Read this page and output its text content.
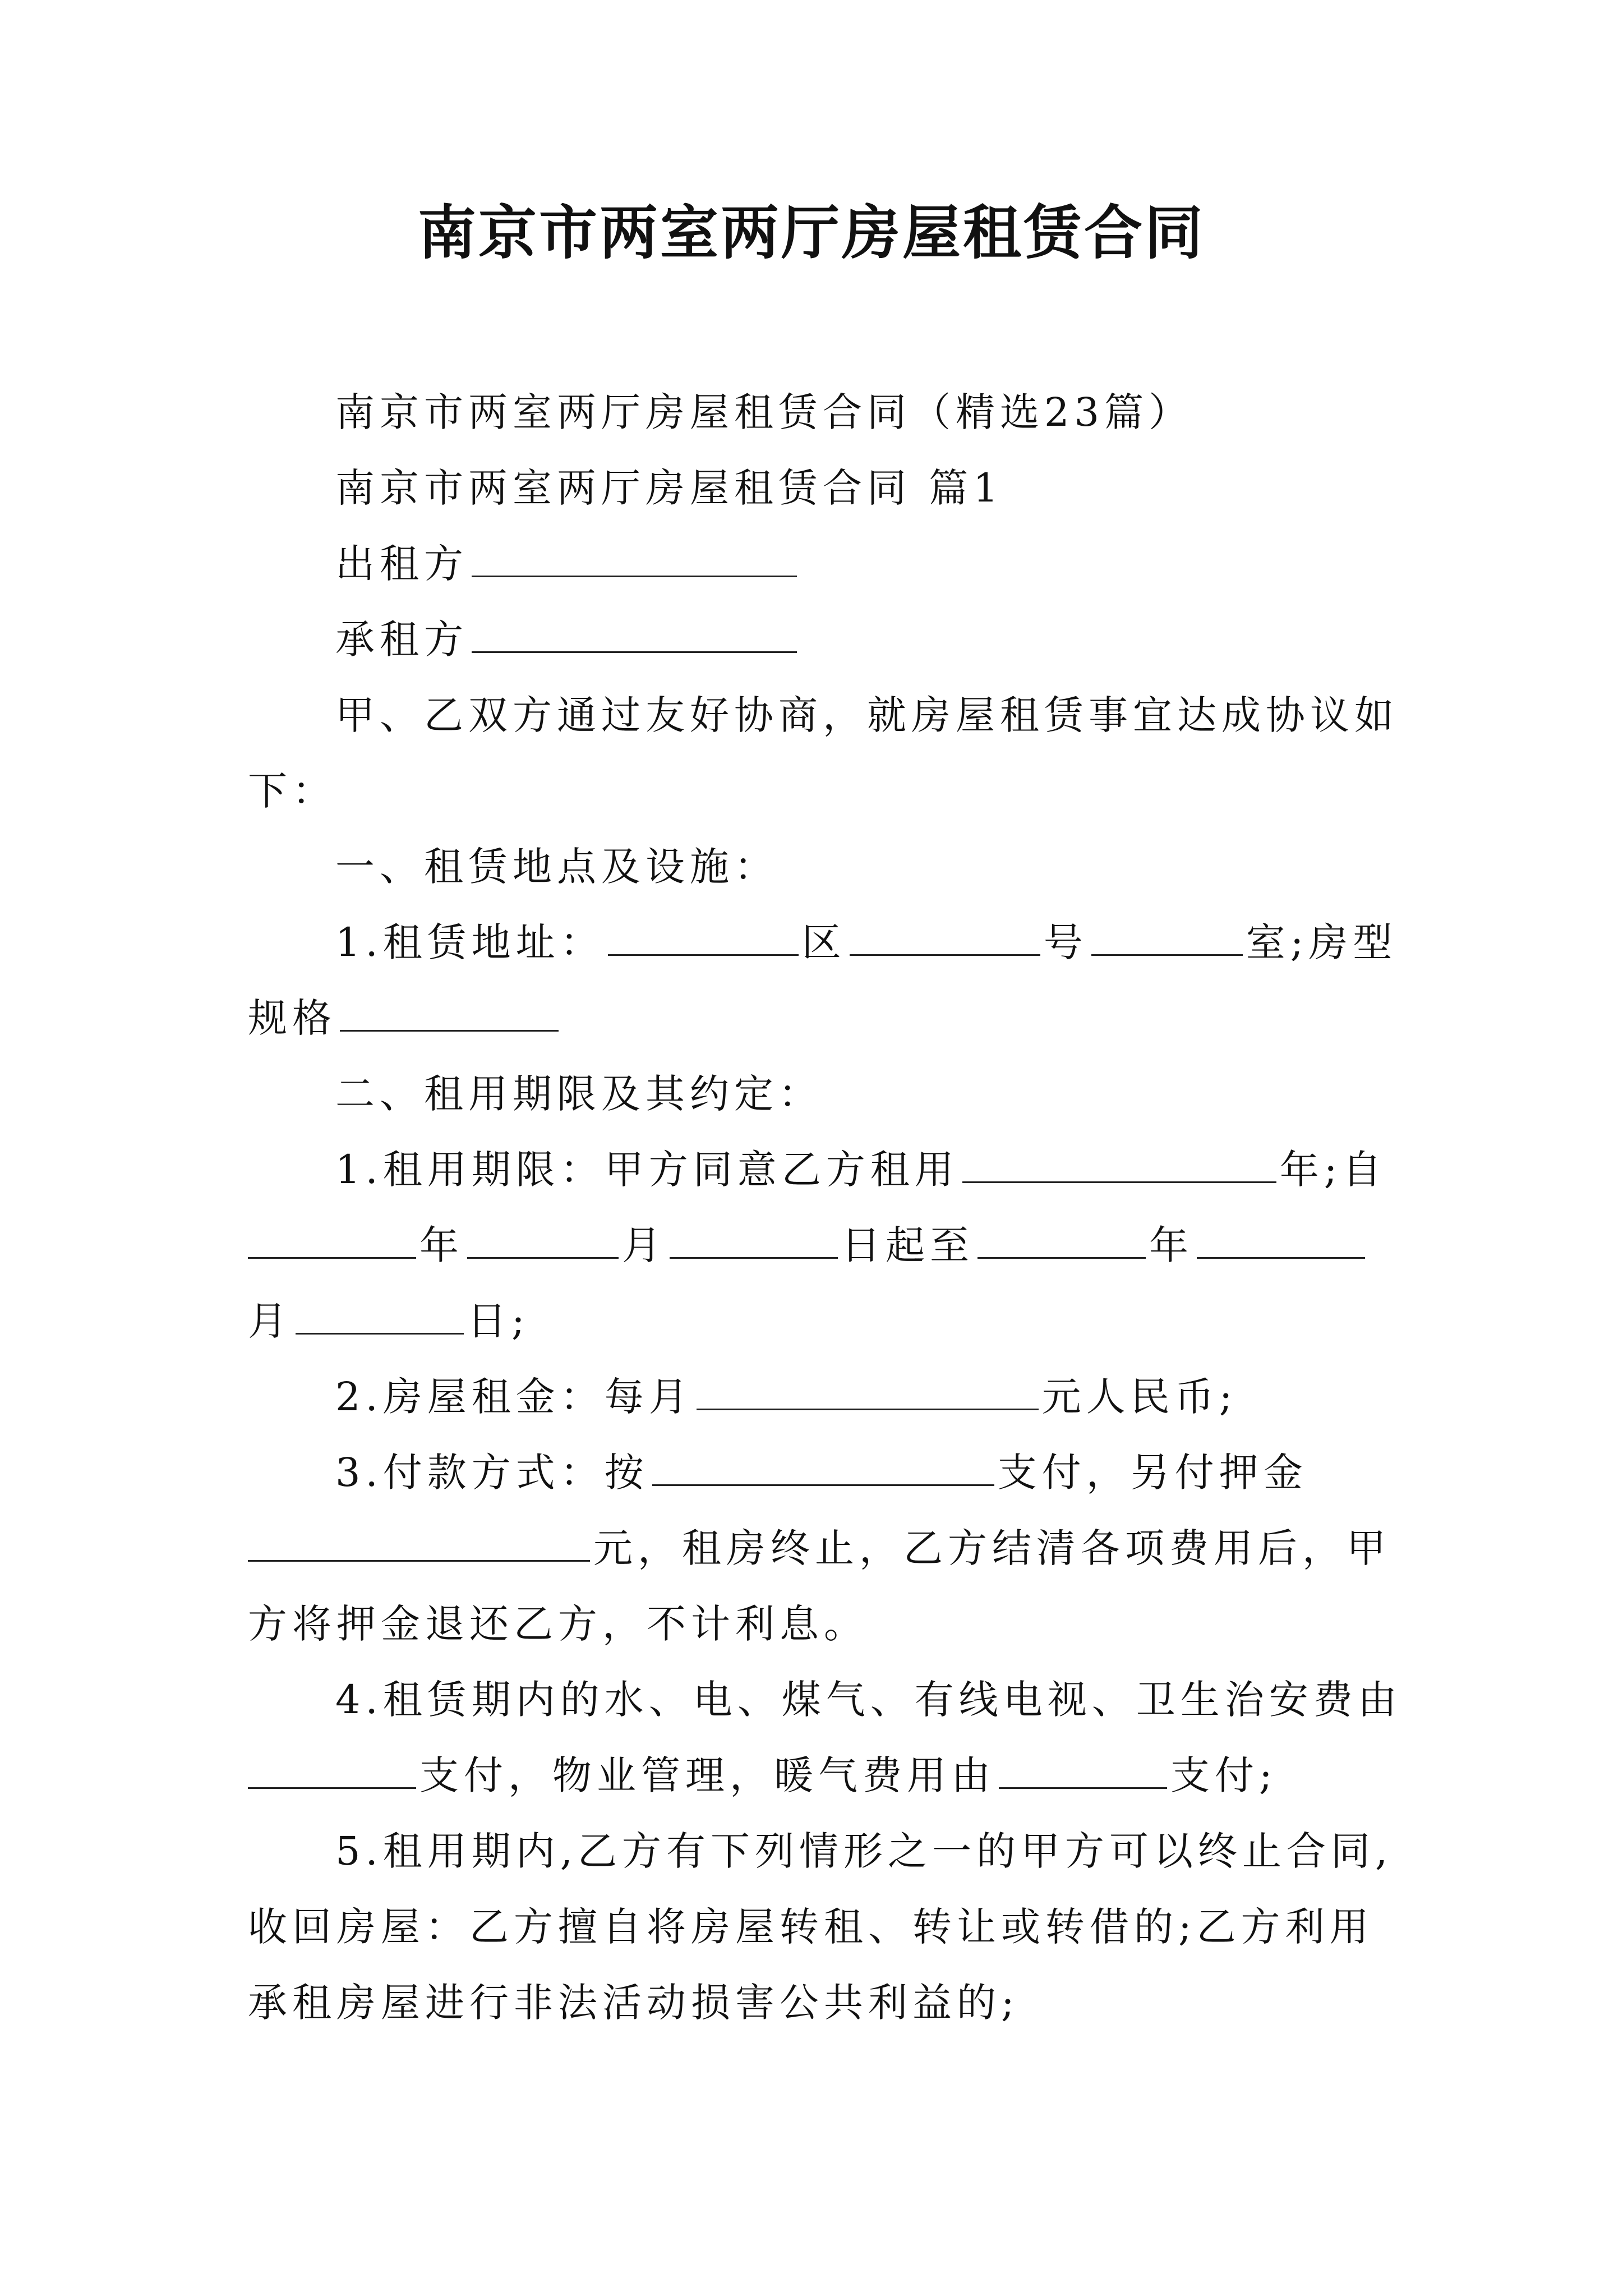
南京市两室两厅房屋租赁合同
南京市两室两厅房屋租赁合同（精选23篇）
南京市两室两厅房屋租赁合同 篇1
出租方
承租方
甲、乙双方通过友好协商，就房屋租赁事宜达成协议如
下：
一、租赁地点及设施：
1.租赁地址：	区	号	室;房型
规格
二、租用期限及其约定：
1.租用期限：甲方同意乙方租用	年;自
年	月	日起至	年
月	日;
2.房屋租金：每月	元人民币;
3.付款方式：按	支付，另付押金
元，租房终止，乙方结清各项费用后，甲
方将押金退还乙方，不计利息。
4.租赁期内的水、电、煤气、有线电视、卫生治安费由
支付，物业管理，暖气费用由	支付;
5.租用期内,乙方有下列情形之一的甲方可以终止合同,
收回房屋：乙方擅自将房屋转租、转让或转借的;乙方利用
承租房屋进行非法活动损害公共利益的;
